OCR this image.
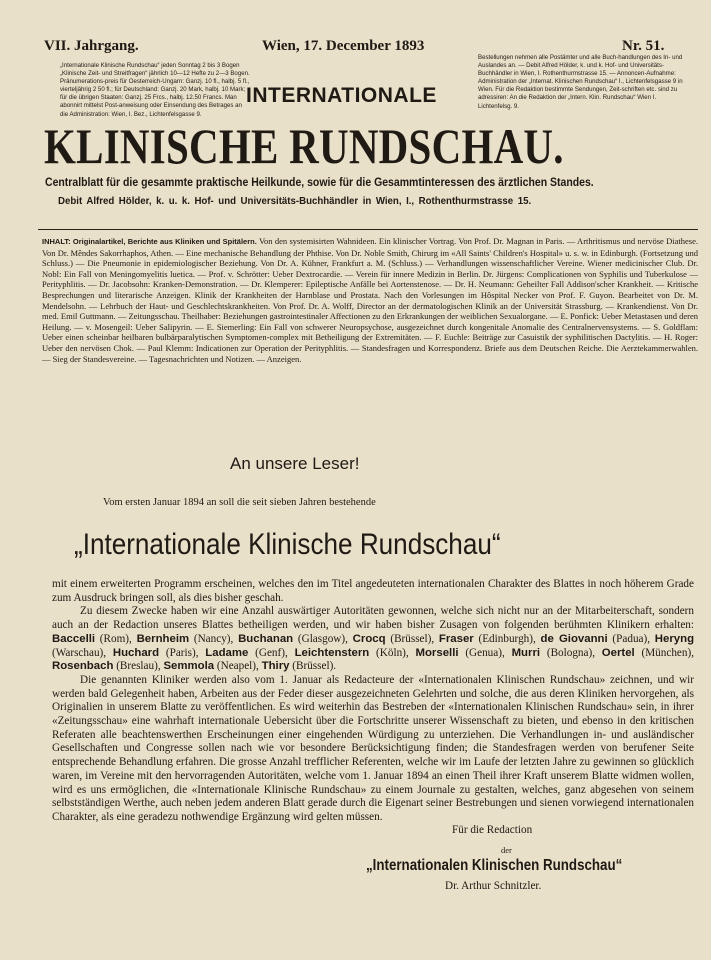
VII. Jahrgang.	Wien, 17. December 1893	Nr. 51.
„Internationale Klinische Rundschau“ jeden Sonntag 2 bis 3 Bogen „Klinische Zeit- und Streitfragen“ jährlich 10—12 Hefte zu 2—3 Bogen. Pränumerations-preis für Oesterreich-Ungarn: Ganzj. 10 fl., halbj. 5 fl., vierteljährig 2 50 fl.; für Deutschland: Ganzj. 20 Mark, halbj. 10 Mark; für die übrigen Staaten: Ganzj. 25 Frcs., halbj. 12.50 Francs. Man abonnirt mittelst Post-anweisung oder Einsendung des Betrages an die Administration: Wien, I. Bez., Lichtenfelsgasse 9.
Bestellungen nehmen alle Postämter und alle Buch-handlungen des In- und Auslandes an. — Debit Alfred Hölder, k. und k. Hof- und Universitäts-Buchhändler in Wien, I. Rothenthurmstrasse 15. — Annoncen-Aufnahme: Administration der „Internat. Klinischen Rundschau“ I., Lichtenfelsgasse 9 in Wien. Für die Redaktion bestimmte Sendungen, Zeit-schriften etc. sind zu adressiren: An die Redaktion der „Intern. Klin. Rundschau“ Wien I. Lichtenfelsg. 9.
INTERNATIONALE
KLINISCHE RUNDSCHAU.
Centralblatt für die gesammte praktische Heilkunde, sowie für die Gesammtinteressen des ärztlichen Standes.
Debit Alfred Hölder, k. u. k. Hof- und Universitäts-Buchhändler in Wien, I., Rothenthurmstrasse 15.
INHALT: Originalartikel, Berichte aus Kliniken und Spitälern. Von den systemisirten Wahnideen. Ein klinischer Vortrag. Von Prof. Dr. Magnan in Paris. — Arthritismus und nervöse Diathese. Von Dr. Mêndes Sakorrhaphos, Athen. — Eine mechanische Behandlung der Phthise. Von Dr. Noble Smith, Chirurg im «All Saints' Children's Hospital» u. s. w. in Edinburgh. (Fortsetzung und Schluss.) — Die Pneumonie in epidemiologischer Beziehung. Von Dr. A. Kühner, Frankfurt a. M. (Schluss.) — Verhandlungen wissenschaftlicher Vereine. Wiener medicinischer Club. Dr. Nobl: Ein Fall von Meningomyelitis luetica. — Prof. v. Schrötter: Ueber Dextrocardie. — Verein für innere Medizin in Berlin. Dr. Jürgens: Complicationen von Syphilis und Tuberkulose — Perityphlitis. — Dr. Jacobsohn: Kranken-Demonstration. — Dr. Klemperer: Epileptische Anfälle bei Aortenstenose. — Dr. H. Neumann: Geheilter Fall Addison'scher Krankheit. — Kritische Besprechungen und literarische Anzeigen. Klinik der Krankheiten der Harnblase und Prostata. Nach den Vorlesungen im Hôspital Necker von Prof. F. Guyon. Bearbeitet von Dr. M. Mendelsohn. — Lehrbuch der Haut- und Geschlechtskrankheiten. Von Prof. Dr. A. Wolff, Director an der dermatologischen Klinik an der Universität Strassburg. — Krankendienst. Von Dr. med. Emil Guttmann. — Zeitungsschau. Theilhaber: Beziehungen gastrointestinaler Affectionen zu den Erkrankungen der weiblichen Sexualorgane. — E. Ponfick: Ueber Metastasen und deren Heilung. — v. Mosengeil: Ueber Salipyrin. — E. Siemerling: Ein Fall von schwerer Neuropsychose, ausgezeichnet durch kongenitale Anomalie des Centralnervensystems. — S. Goldflam: Ueber einen scheinbar heilbaren bulbärparalytischen Symptomen-complex mit Betheiligung der Extremitäten. — F. Euchle: Beiträge zur Casuistik der syphilitischen Dactylitis. — H. Roger: Ueber den nervösen Chok. — Paul Klemm: Indicationen zur Operation der Perityphlitis. — Standesfragen und Korrespondenz. Briefe aus dem Deutschen Reiche. Die Aerztekammerwahlen. — Sieg der Standesvereine. — Tagesnachrichten und Notizen. — Anzeigen.
An unsere Leser!
Vom ersten Januar 1894 an soll die seit sieben Jahren bestehende
„Internationale Klinische Rundschau“

mit einem erweiterten Programm erscheinen, welches den im Titel angedeuteten internationalen Charakter des Blattes in noch höherem Grade zum Ausdruck bringen soll, als dies bisher geschah.

Zu diesem Zwecke haben wir eine Anzahl auswärtiger Autoritäten gewonnen, welche sich nicht nur an der Mitarbeiterschaft, sondern auch an der Redaction unseres Blattes betheiligen werden, und wir haben bisher Zusagen von folgenden berühmten Klinikern erhalten: Baccelli (Rom), Bernheim (Nancy), Buchanan (Glasgow), Crocq (Brüssel), Fraser (Edinburgh), de Giovanni (Padua), Heryng (Warschau), Huchard (Paris), Ladame (Genf), Leichtenstern (Köln), Morselli (Genua), Murri (Bologna), Oertel (München), Rosenbach (Breslau), Semmola (Neapel), Thiry (Brüssel).

Die genannten Kliniker werden also vom 1. Januar als Redacteure der «Internationalen Klinischen Rundschau» zeichnen, und wir werden bald Gelegenheit haben, Arbeiten aus der Feder dieser ausgezeichneten Gelehrten und solche, die aus deren Kliniken hervorgehen, als Originalien in unserem Blatte zu veröffentlichen. Es wird weiterhin das Bestreben der «Internationalen Klinischen Rundschau» sein, in ihrer «Zeitungsschau» eine wahrhaft internationale Uebersicht über die Fortschritte unserer Wissenschaft zu bieten, und ebenso in den kritischen Referaten alle beachtenswerthen Erscheinungen einer eingehenden Würdigung zu unterziehen. Die Verhandlungen in- und ausländischer Gesellschaften und Congresse sollen nach wie vor besondere Berücksichtigung finden; die Standesfragen werden von berufener Seite entsprechende Behandlung erfahren. Die grosse Anzahl trefflicher Referenten, welche wir im Laufe der letzten Jahre zu gewinnen so glücklich waren, im Vereine mit den hervorragenden Autoritäten, welche vom 1. Januar 1894 an einen Theil ihrer Kraft unserem Blatte widmen wollen, wird es uns ermöglichen, die «Internationale Klinische Rundschau» zu einem Journale zu gestalten, welches, ganz abgesehen von seinem selbstständigen Werthe, auch neben jedem anderen Blatt gerade durch die Eigenart seiner Bestrebungen und sienen vorwiegend internationalen Charakter, als eine geradezu nothwendige Ergänzung wird gelten müssen.

Für die Redaction
der
„Internationalen Klinischen Rundschau“
Dr. Arthur Schnitzler.
